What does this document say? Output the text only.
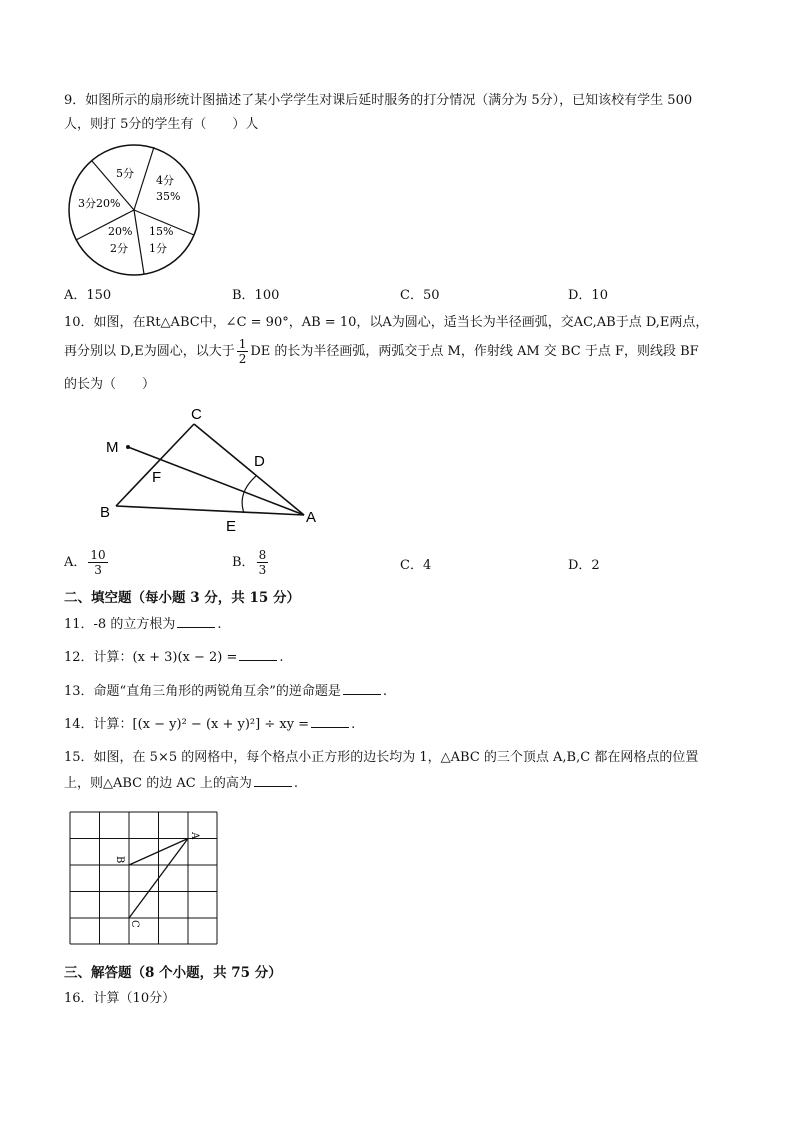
9．如图所示的扇形统计图描述了某小学学生对课后延时服务的打分情况（满分为 5分），已知该校有学生 500
人，则打 5分的学生有（　　）人
5分
4分
35%
3分20%
20%
2分
15%
1分
A．150	B．100	C．50	D．10
10．如图，在Rt△ABC中，∠C = 90°，AB = 10，以A为圆心，适当长为半径画弧，交AC,AB于点 D,E两点，
再分别以 D,E为圆心，以大于 $\frac{1}{2}$ DE 的长为半径画弧，两弧交于点 M，作射线 AM 交 BC 于点 F，则线段 BF
的长为（　　）
C
M
D
F
B
E
A
A． $\frac{10}{3}$	B． $\frac{8}{3}$	C．4	D．2
二、填空题（每小题 3 分，共 15 分）
11．-8 的立方根为	.
12．计算：(x + 3)(x − 2) =	.
13．命题“直角三角形的两锐角互余”的逆命题是	.
14．计算：[(x − y)² − (x + y)²] ÷ xy =	.
15．如图，在 5×5 的网格中，每个格点小正方形的边长均为 1，△ABC 的三个顶点 A,B,C 都在网格点的位置
上，则△ABC 的边 AC 上的高为	.
A
B
C
三、解答题（8 个小题，共 75 分）
16．计算（10分）
